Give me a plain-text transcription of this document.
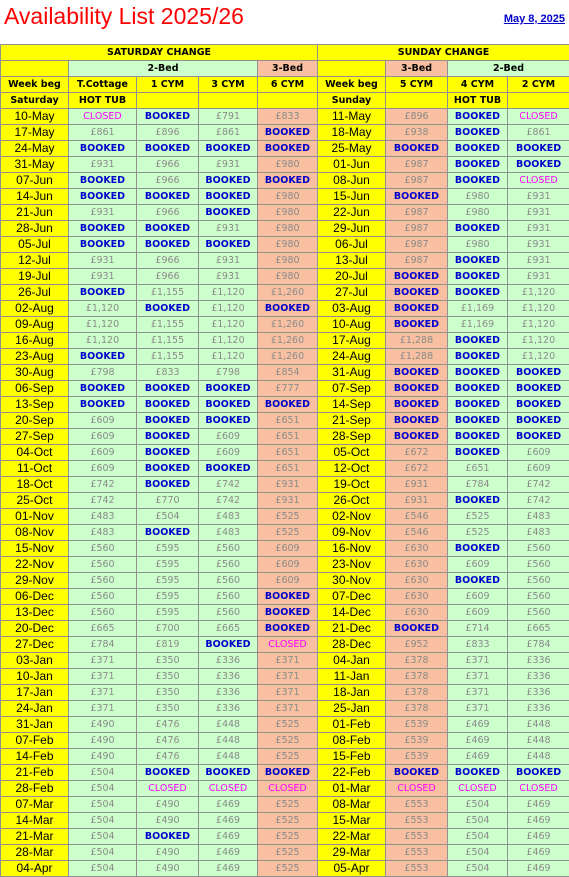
Availability List 2025/26	May 8, 2025
SATURDAY CHANGE					SUNDAY CHANGE			
	2-Bed			3-Bed		3-Bed	2-Bed	
Week beg	T.Cottage	1 CYM	3 CYM	6 CYM	Week beg	5 CYM	4 CYM	2 CYM
Saturday	HOT TUB				Sunday		HOT TUB	
10-May	CLOSED	BOOKED	£791	£833	11-May	£896	BOOKED	CLOSED
17-May	£861	£896	£861	BOOKED	18-May	£938	BOOKED	£861
24-May	BOOKED	BOOKED	BOOKED	BOOKED	25-May	BOOKED	BOOKED	BOOKED
31-May	£931	£966	£931	£980	01-Jun	£987	BOOKED	BOOKED
07-Jun	BOOKED	£966	BOOKED	BOOKED	08-Jun	£987	BOOKED	CLOSED
14-Jun	BOOKED	BOOKED	BOOKED	£980	15-Jun	BOOKED	£980	£931
21-Jun	£931	£966	BOOKED	£980	22-Jun	£987	£980	£931
28-Jun	BOOKED	BOOKED	£931	£980	29-Jun	£987	BOOKED	£931
05-Jul	BOOKED	BOOKED	BOOKED	£980	06-Jul	£987	£980	£931
12-Jul	£931	£966	£931	£980	13-Jul	£987	BOOKED	£931
19-Jul	£931	£966	£931	£980	20-Jul	BOOKED	BOOKED	£931
26-Jul	BOOKED	£1,155	£1,120	£1,260	27-Jul	BOOKED	BOOKED	£1,120
02-Aug	£1,120	BOOKED	£1,120	BOOKED	03-Aug	BOOKED	£1,169	£1,120
09-Aug	£1,120	£1,155	£1,120	£1,260	10-Aug	BOOKED	£1,169	£1,120
16-Aug	£1,120	£1,155	£1,120	£1,260	17-Aug	£1,288	BOOKED	£1,120
23-Aug	BOOKED	£1,155	£1,120	£1,260	24-Aug	£1,288	BOOKED	£1,120
30-Aug	£798	£833	£798	£854	31-Aug	BOOKED	BOOKED	BOOKED
06-Sep	BOOKED	BOOKED	BOOKED	£777	07-Sep	BOOKED	BOOKED	BOOKED
13-Sep	BOOKED	BOOKED	BOOKED	BOOKED	14-Sep	BOOKED	BOOKED	BOOKED
20-Sep	£609	BOOKED	BOOKED	£651	21-Sep	BOOKED	BOOKED	BOOKED
27-Sep	£609	BOOKED	£609	£651	28-Sep	BOOKED	BOOKED	BOOKED
04-Oct	£609	BOOKED	£609	£651	05-Oct	£672	BOOKED	£609
11-Oct	£609	BOOKED	BOOKED	£651	12-Oct	£672	£651	£609
18-Oct	£742	BOOKED	£742	£931	19-Oct	£931	£784	£742
25-Oct	£742	£770	£742	£931	26-Oct	£931	BOOKED	£742
01-Nov	£483	£504	£483	£525	02-Nov	£546	£525	£483
08-Nov	£483	BOOKED	£483	£525	09-Nov	£546	£525	£483
15-Nov	£560	£595	£560	£609	16-Nov	£630	BOOKED	£560
22-Nov	£560	£595	£560	£609	23-Nov	£630	£609	£560
29-Nov	£560	£595	£560	£609	30-Nov	£630	BOOKED	£560
06-Dec	£560	£595	£560	BOOKED	07-Dec	£630	£609	£560
13-Dec	£560	£595	£560	BOOKED	14-Dec	£630	£609	£560
20-Dec	£665	£700	£665	BOOKED	21-Dec	BOOKED	£714	£665
27-Dec	£784	£819	BOOKED	CLOSED	28-Dec	£952	£833	£784
03-Jan	£371	£350	£336	£371	04-Jan	£378	£371	£336
10-Jan	£371	£350	£336	£371	11-Jan	£378	£371	£336
17-Jan	£371	£350	£336	£371	18-Jan	£378	£371	£336
24-Jan	£371	£350	£336	£371	25-Jan	£378	£371	£336
31-Jan	£490	£476	£448	£525	01-Feb	£539	£469	£448
07-Feb	£490	£476	£448	£525	08-Feb	£539	£469	£448
14-Feb	£490	£476	£448	£525	15-Feb	£539	£469	£448
21-Feb	£504	BOOKED	BOOKED	BOOKED	22-Feb	BOOKED	BOOKED	BOOKED
28-Feb	£504	CLOSED	CLOSED	CLOSED	01-Mar	CLOSED	CLOSED	CLOSED
07-Mar	£504	£490	£469	£525	08-Mar	£553	£504	£469
14-Mar	£504	£490	£469	£525	15-Mar	£553	£504	£469
21-Mar	£504	BOOKED	£469	£525	22-Mar	£553	£504	£469
28-Mar	£504	£490	£469	£525	29-Mar	£553	£504	£469
04-Apr	£504	£490	£469	£525	05-Apr	£553	£504	£469
